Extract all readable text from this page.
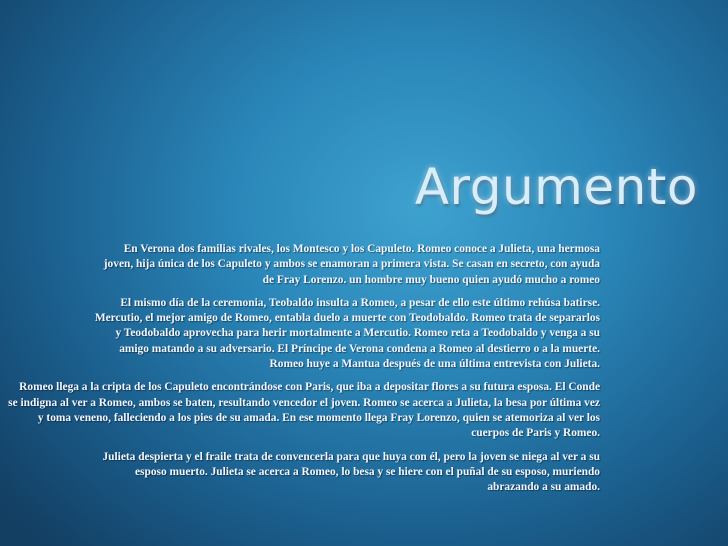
Argumento

En Verona dos familias rivales, los Montesco y los Capuleto. Romeo conoce a Julieta, una hermosa joven, hija única de los Capuleto y ambos se enamoran a primera vista. Se casan en secreto, con ayuda de Fray Lorenzo. un hombre muy bueno quien ayudó mucho a romeo

El mismo día de la ceremonia, Teobaldo insulta a Romeo, a pesar de ello este último rehúsa batirse. Mercutio, el mejor amigo de Romeo, entabla duelo a muerte con Teodobaldo. Romeo trata de separarlos y Teodobaldo aprovecha para herir mortalmente a Mercutio. Romeo reta a Teodobaldo y venga a su amigo matando a su adversario. El Príncipe de Verona condena a Romeo al destierro o a la muerte. Romeo huye a Mantua después de una última entrevista con Julieta.

Romeo llega a la cripta de los Capuleto encontrándose con Paris, que iba a depositar flores a su futura esposa. El Conde se indigna al ver a Romeo, ambos se baten, resultando vencedor el joven. Romeo se acerca a Julieta, la besa por última vez y toma veneno, falleciendo a los pies de su amada. En ese momento llega Fray Lorenzo, quien se atemoriza al ver los cuerpos de Paris y Romeo.

Julieta despierta y el fraile trata de convencerla para que huya con él, pero la joven se niega al ver a su esposo muerto. Julieta se acerca a Romeo, lo besa y se hiere con el puñal de su esposo, muriendo abrazando a su amado.
